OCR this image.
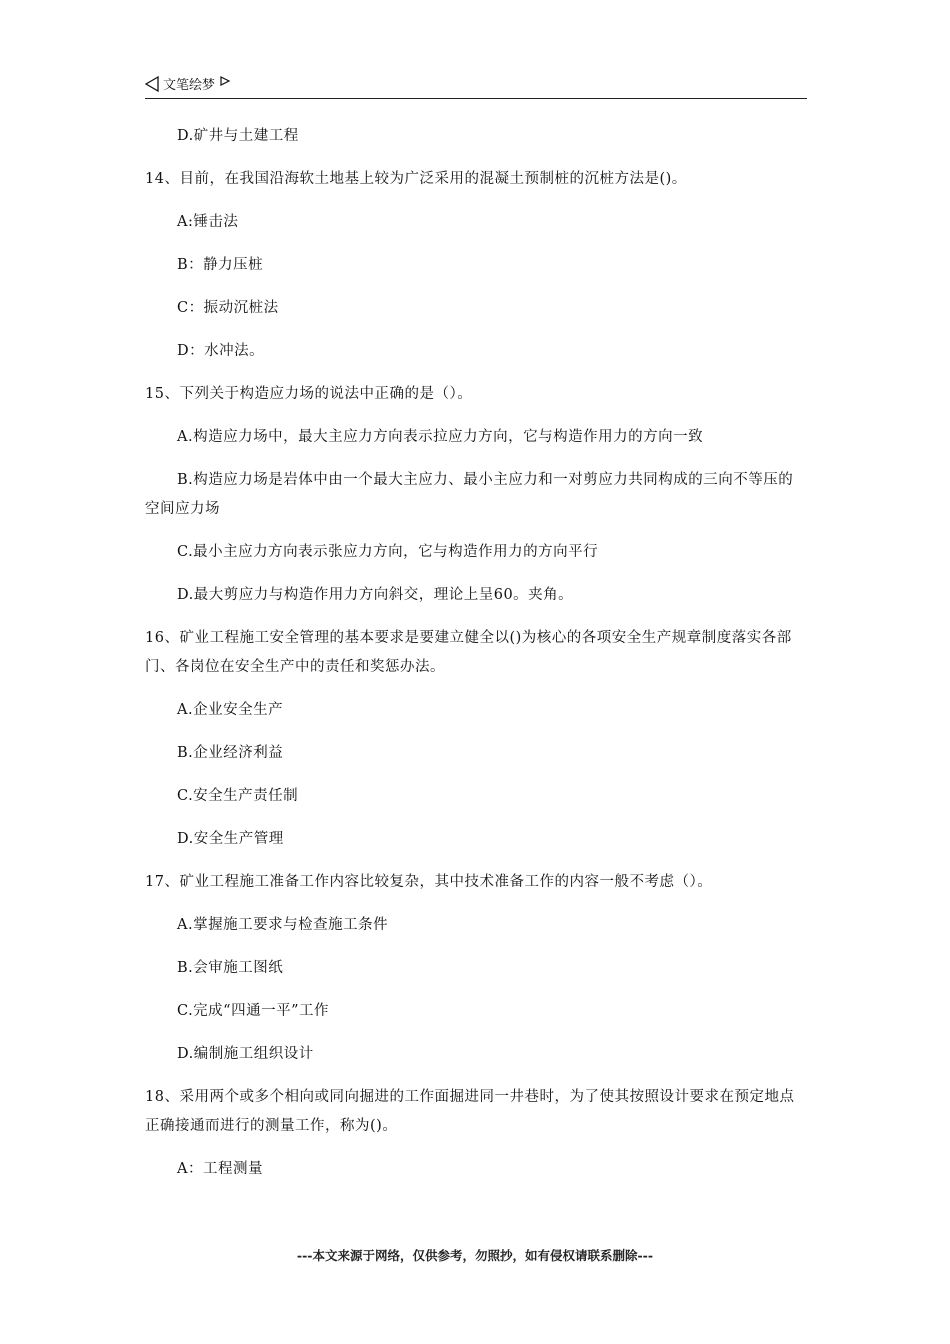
文笔绘梦

D.矿井与土建工程

14、目前，在我国沿海软土地基上较为广泛采用的混凝土预制桩的沉桩方法是()。

A:锤击法

B：静力压桩

C：振动沉桩法

D：水冲法。

15、下列关于构造应力场的说法中正确的是（）。

A.构造应力场中，最大主应力方向表示拉应力方向，它与构造作用力的方向一致

B.构造应力场是岩体中由一个最大主应力、最小主应力和一对剪应力共同构成的三向不等压的空间应力场

C.最小主应力方向表示张应力方向，它与构造作用力的方向平行

D.最大剪应力与构造作用力方向斜交，理论上呈60。夹角。

16、矿业工程施工安全管理的基本要求是要建立健全以()为核心的各项安全生产规章制度落实各部门、各岗位在安全生产中的责任和奖惩办法。

A.企业安全生产

B.企业经济利益

C.安全生产责任制

D.安全生产管理

17、矿业工程施工准备工作内容比较复杂，其中技术准备工作的内容一般不考虑（）。

A.掌握施工要求与检查施工条件

B.会审施工图纸

C.完成“四通一平”工作

D.编制施工组织设计

18、采用两个或多个相向或同向掘进的工作面掘进同一井巷时，为了使其按照设计要求在预定地点正确接通而进行的测量工作，称为()。

A：工程测量

---本文来源于网络，仅供参考，勿照抄，如有侵权请联系删除---
